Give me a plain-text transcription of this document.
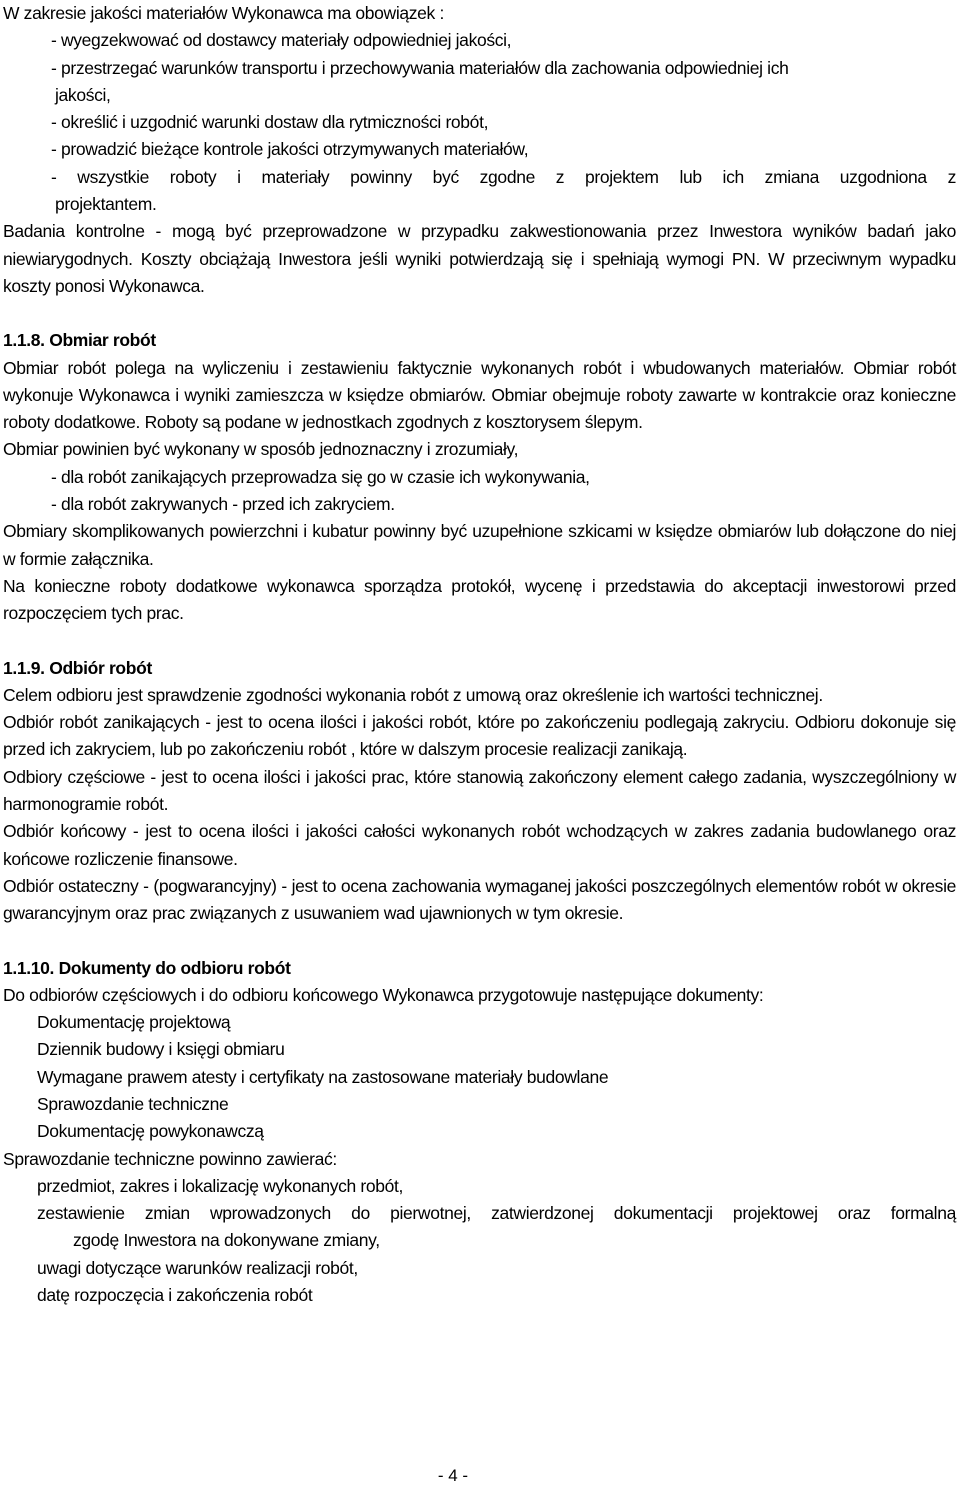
W zakresie jakości materiałów Wykonawca ma obowiązek :

- wyegzekwować od dostawcy materiały odpowiedniej jakości,

- przestrzegać warunków transportu i przechowywania materiałów dla zachowania odpowiedniej ich

jakości,

- określić i uzgodnić warunki dostaw dla rytmiczności robót,

- prowadzić bieżące kontrole jakości otrzymywanych materiałów,

- wszystkie roboty i materiały powinny być zgodne z projektem lub ich zmiana uzgodniona z

projektantem.

Badania kontrolne - mogą być przeprowadzone w przypadku zakwestionowania przez Inwestora wyników badań jako niewiarygodnych. Koszty obciążają Inwestora jeśli wyniki potwierdzają się i spełniają wymogi PN. W przeciwnym wypadku koszty ponosi Wykonawca.

1.1.8. Obmiar robót

Obmiar robót polega na wyliczeniu i zestawieniu faktycznie wykonanych robót i wbudowanych materiałów. Obmiar robót wykonuje Wykonawca i wyniki zamieszcza w księdze obmiarów. Obmiar obejmuje roboty zawarte w kontrakcie oraz konieczne roboty dodatkowe. Roboty są podane w jednostkach zgodnych z kosztorysem ślepym.

Obmiar powinien być wykonany w sposób jednoznaczny i zrozumiały,

- dla robót zanikających przeprowadza się go w czasie ich wykonywania,

- dla robót zakrywanych - przed ich zakryciem.

Obmiary skomplikowanych powierzchni i kubatur powinny być uzupełnione szkicami w księdze obmiarów lub dołączone do niej w formie załącznika.

Na konieczne roboty dodatkowe wykonawca sporządza protokół, wycenę i przedstawia do akceptacji inwestorowi przed rozpoczęciem tych prac.

1.1.9. Odbiór robót

Celem odbioru jest sprawdzenie zgodności wykonania robót z umową oraz określenie ich wartości technicznej.

Odbiór robót zanikających - jest to ocena ilości i jakości robót, które po zakończeniu podlegają zakryciu. Odbioru dokonuje się przed ich zakryciem, lub po zakończeniu robót , które w dalszym procesie realizacji zanikają.

Odbiory częściowe - jest to ocena ilości i jakości prac, które stanowią zakończony element całego zadania, wyszczególniony w harmonogramie robót.

Odbiór końcowy - jest to ocena ilości i jakości całości wykonanych robót wchodzących w zakres zadania budowlanego oraz końcowe rozliczenie finansowe.

Odbiór ostateczny - (pogwarancyjny) - jest to ocena zachowania wymaganej jakości poszczególnych elementów robót w okresie gwarancyjnym oraz prac związanych z usuwaniem wad ujawnionych w tym okresie.

1.1.10. Dokumenty do odbioru robót

Do odbiorów częściowych i do odbioru końcowego Wykonawca przygotowuje następujące dokumenty:

Dokumentację projektową

Dziennik budowy i księgi obmiaru

Wymagane prawem atesty i certyfikaty na zastosowane materiały budowlane

Sprawozdanie techniczne

Dokumentację powykonawczą

Sprawozdanie techniczne powinno zawierać:

przedmiot, zakres i lokalizację wykonanych robót,

zestawienie zmian wprowadzonych do pierwotnej, zatwierdzonej dokumentacji projektowej oraz formalną

zgodę Inwestora na dokonywane zmiany,

uwagi dotyczące warunków realizacji robót,

datę rozpoczęcia i zakończenia robót

- 4 -
